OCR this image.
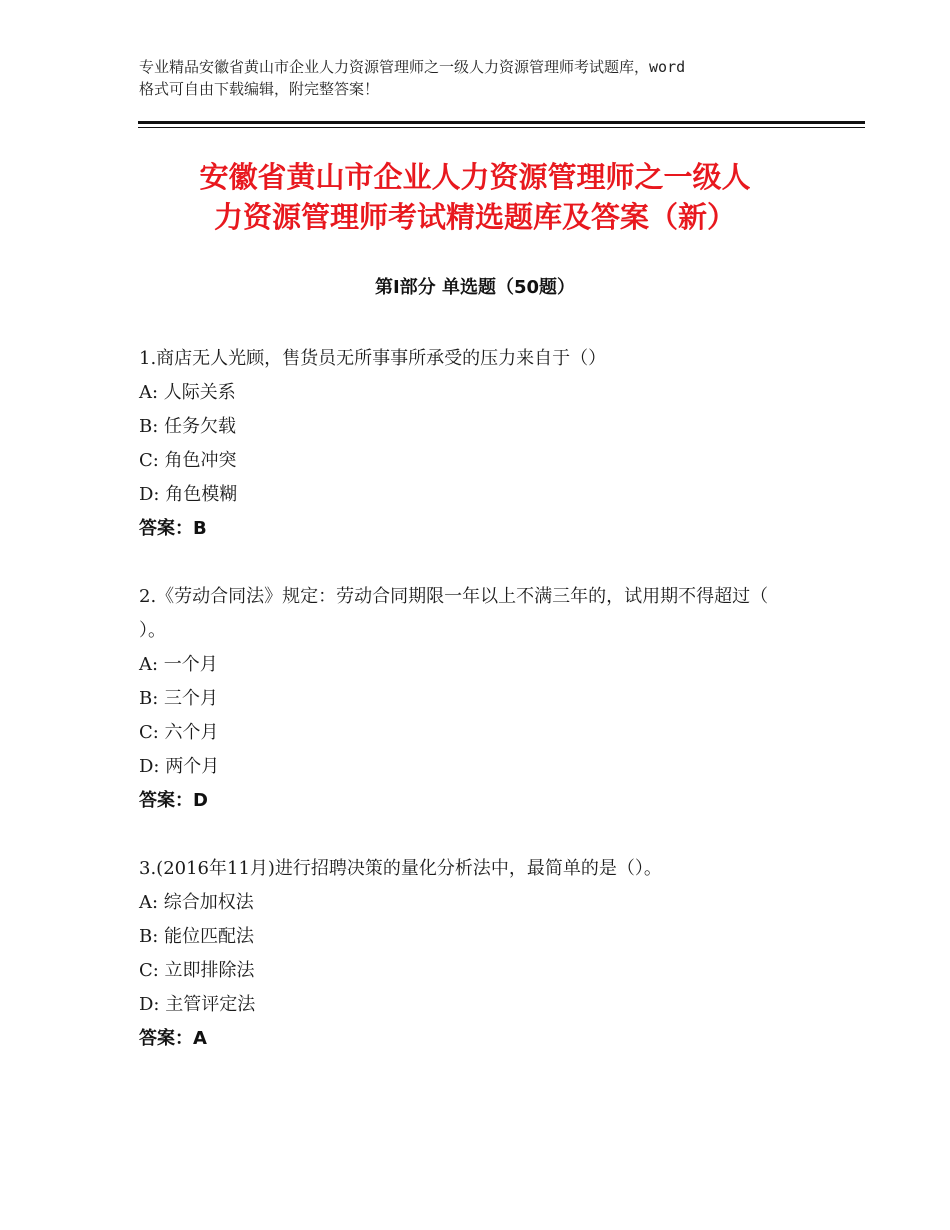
专业精品安徽省黄山市企业人力资源管理师之一级人力资源管理师考试题库，word
格式可自由下载编辑，附完整答案！
安徽省黄山市企业人力资源管理师之一级人
力资源管理师考试精选题库及答案（新）
第Ⅰ部分 单选题（50题）

1.商店无人光顾，售货员无所事事所承受的压力来自于（）

A: 人际关系

B: 任务欠载

C: 角色冲突

D: 角色模糊

答案：B

2.《劳动合同法》规定：劳动合同期限一年以上不满三年的，试用期不得超过（ ）。

A: 一个月

B: 三个月

C: 六个月

D: 两个月

答案：D

3.(2016年11月)进行招聘决策的量化分析法中，最简单的是（）。

A: 综合加权法

B: 能位匹配法

C: 立即排除法

D: 主管评定法

答案：A
